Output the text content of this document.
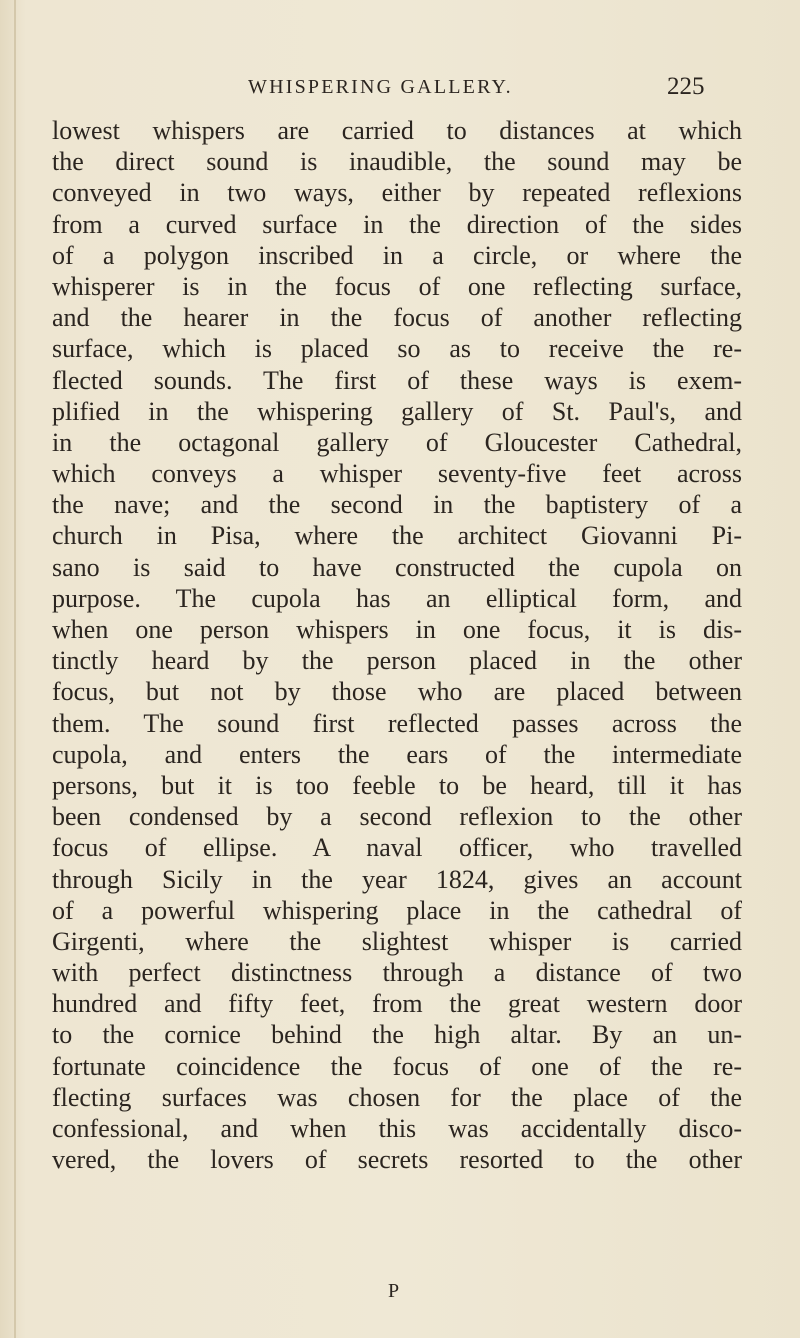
WHISPERING GALLERY.	225
lowest whispers are carried to distances at which
the direct sound is inaudible, the sound may be
conveyed in two ways, either by repeated reflexions
from a curved surface in the direction of the sides
of a polygon inscribed in a circle, or where the
whisperer is in the focus of one reflecting surface,
and the hearer in the focus of another reflecting
surface, which is placed so as to receive the re-
flected sounds. The first of these ways is exem-
plified in the whispering gallery of St. Paul's, and
in the octagonal gallery of Gloucester Cathedral,
which conveys a whisper seventy-five feet across
the nave; and the second in the baptistery of a
church in Pisa, where the architect Giovanni Pi-
sano is said to have constructed the cupola on
purpose. The cupola has an elliptical form, and
when one person whispers in one focus, it is dis-
tinctly heard by the person placed in the other
focus, but not by those who are placed between
them. The sound first reflected passes across the
cupola, and enters the ears of the intermediate
persons, but it is too feeble to be heard, till it has
been condensed by a second reflexion to the other
focus of ellipse. A naval officer, who travelled
through Sicily in the year 1824, gives an account
of a powerful whispering place in the cathedral of
Girgenti, where the slightest whisper is carried
with perfect distinctness through a distance of two
hundred and fifty feet, from the great western door
to the cornice behind the high altar. By an un-
fortunate coincidence the focus of one of the re-
flecting surfaces was chosen for the place of the
confessional, and when this was accidentally disco-
vered, the lovers of secrets resorted to the other
P
